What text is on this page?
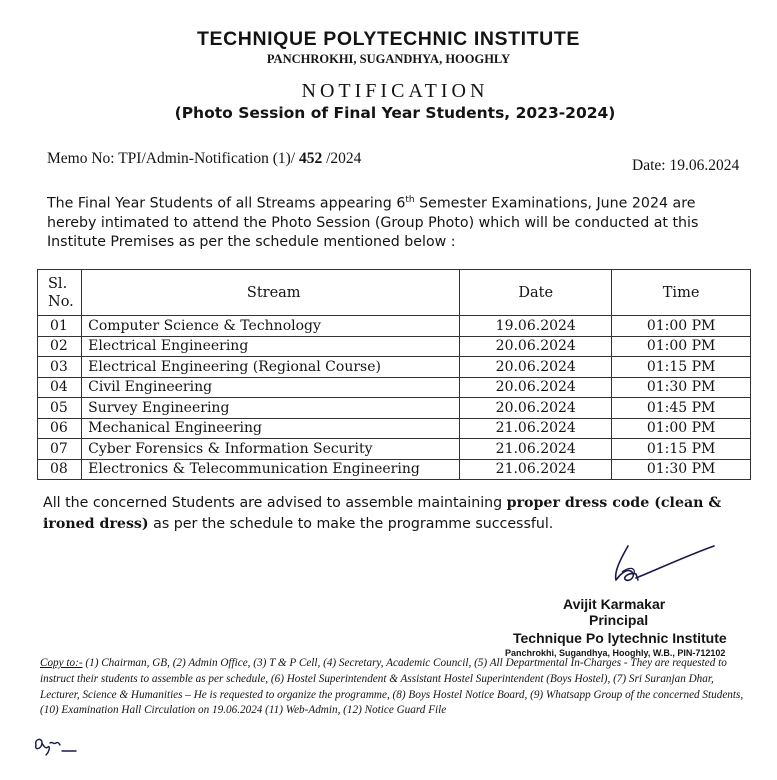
TECHNIQUE POLYTECHNIC INSTITUTE
PANCHROKHI, SUGANDHYA, HOOGHLY
NOTIFICATION
(Photo Session of Final Year Students, 2023-2024)
Memo No: TPI/Admin-Notification (1)/ 452 /2024	Date: 19.06.2024
The Final Year Students of all Streams appearing 6th Semester Examinations, June 2024 are hereby intimated to attend the Photo Session (Group Photo) which will be conducted at this Institute Premises as per the schedule mentioned below :
Sl. No.	Stream	Date	Time
01	Computer Science & Technology	19.06.2024	01:00 PM
02	Electrical Engineering	20.06.2024	01:00 PM
03	Electrical Engineering (Regional Course)	20.06.2024	01:15 PM
04	Civil Engineering	20.06.2024	01:30 PM
05	Survey Engineering	20.06.2024	01:45 PM
06	Mechanical Engineering	21.06.2024	01:00 PM
07	Cyber Forensics & Information Security	21.06.2024	01:15 PM
08	Electronics & Telecommunication Engineering	21.06.2024	01:30 PM
All the concerned Students are advised to assemble maintaining proper dress code (clean & ironed dress) as per the schedule to make the programme successful.
Avijit Karmakar
Principal
Technique Po lytechnic Institute
Panchrokhi, Sugandhya, Hooghly, W.B., PIN-712102
Copy to:- (1) Chairman, GB, (2) Admin Office, (3) T & P Cell, (4) Secretary, Academic Council, (5) All Departmental In-Charges - They are requested to instruct their students to assemble as per schedule, (6) Hostel Superintendent & Assistant Hostel Superintendent (Boys Hostel), (7) Sri Suranjan Dhar, Lecturer, Science & Humanities – He is requested to organize the programme, (8) Boys Hostel Notice Board, (9) Whatsapp Group of the concerned Students, (10) Examination Hall Circulation on 19.06.2024 (11) Web-Admin, (12) Notice Guard File
